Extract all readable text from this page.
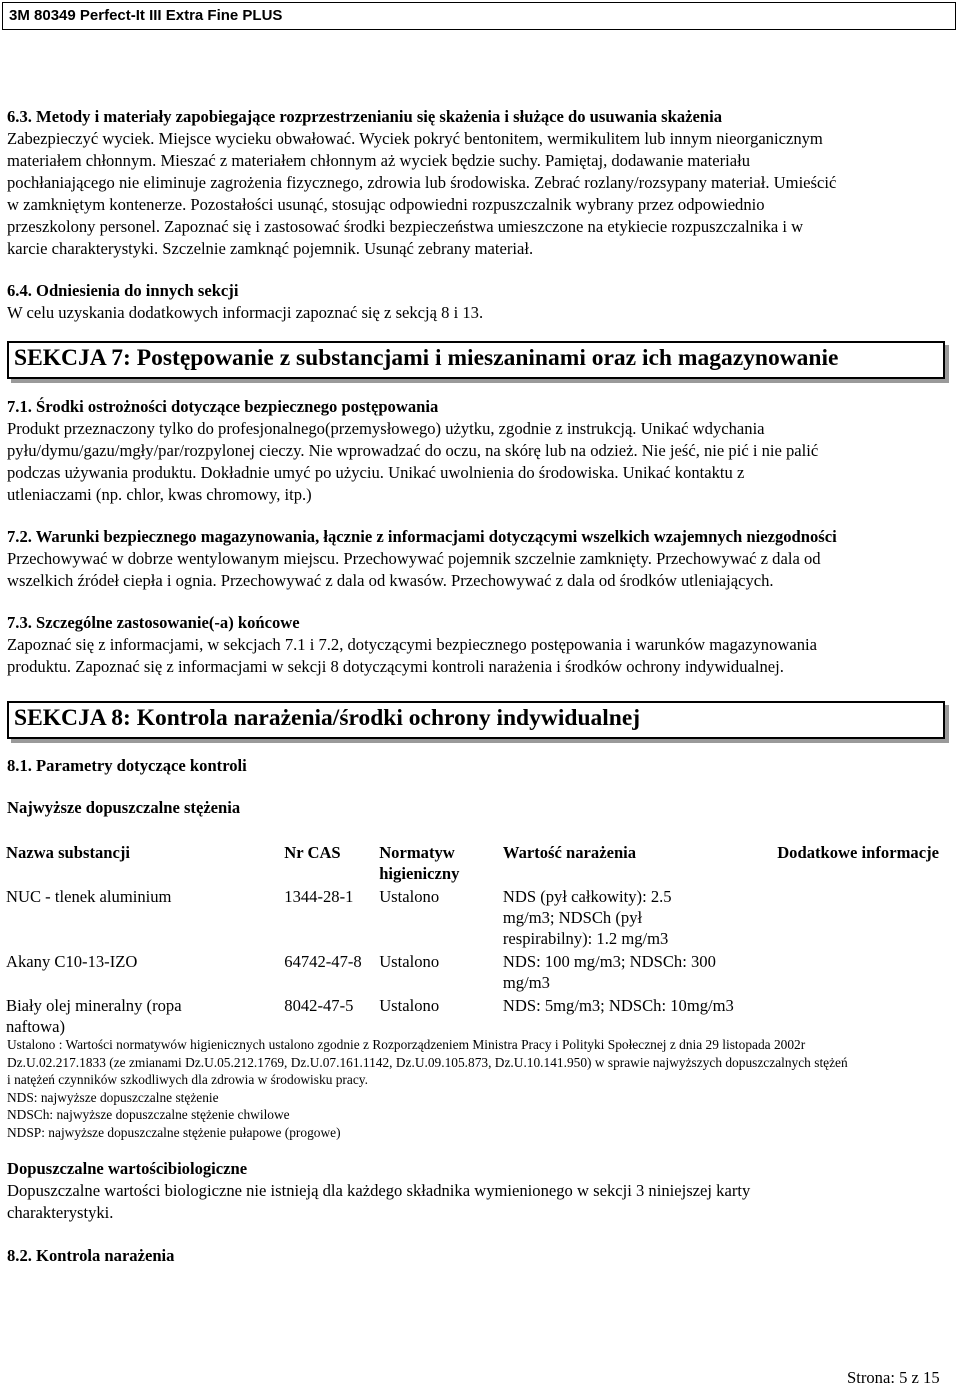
3M 80349 Perfect-It III Extra Fine PLUS
6.3. Metody i materiały zapobiegające rozprzestrzenianiu się skażenia i służące do usuwania skażenia
Zabezpieczyć wyciek. Miejsce wycieku obwałować. Wyciek pokryć bentonitem, wermikulitem lub innym nieorganicznym
materiałem chłonnym. Mieszać z materiałem chłonnym aż wyciek będzie suchy. Pamiętaj, dodawanie materiału
pochłaniającego nie eliminuje zagrożenia fizycznego, zdrowia lub środowiska. Zebrać rozlany/rozsypany materiał. Umieścić
w zamkniętym kontenerze. Pozostałości usunąć, stosując odpowiedni rozpuszczalnik wybrany przez odpowiednio
przeszkolony personel. Zapoznać się i zastosować środki bezpieczeństwa umieszczone na etykiecie rozpuszczalnika i w
karcie charakterystyki. Szczelnie zamknąć pojemnik. Usunąć zebrany materiał.
6.4. Odniesienia do innych sekcji
W celu uzyskania dodatkowych informacji zapoznać się z sekcją 8 i 13.
SEKCJA 7: Postępowanie z substancjami i mieszaninami oraz ich magazynowanie
7.1. Środki ostrożności dotyczące bezpiecznego postępowania
Produkt przeznaczony tylko do profesjonalnego(przemysłowego) użytku, zgodnie z instrukcją. Unikać wdychania
pyłu/dymu/gazu/mgły/par/rozpylonej cieczy. Nie wprowadzać do oczu, na skórę lub na odzież. Nie jeść, nie pić i nie palić
podczas używania produktu. Dokładnie umyć po użyciu. Unikać uwolnienia do środowiska. Unikać kontaktu z
utleniaczami (np. chlor, kwas chromowy, itp.)
7.2. Warunki bezpiecznego magazynowania, łącznie z informacjami dotyczącymi wszelkich wzajemnych niezgodności
Przechowywać w dobrze wentylowanym miejscu. Przechowywać pojemnik szczelnie zamknięty. Przechowywać z dala od
wszelkich źródeł ciepła i ognia. Przechowywać z dala od kwasów. Przechowywać z dala od środków utleniających.
7.3. Szczególne zastosowanie(-a) końcowe
Zapoznać się z informacjami, w sekcjach 7.1 i 7.2, dotyczącymi bezpiecznego postępowania i warunków magazynowania
produktu. Zapoznać się z informacjami w sekcji 8 dotyczącymi kontroli narażenia i środków ochrony indywidualnej.
SEKCJA 8: Kontrola narażenia/środki ochrony indywidualnej
8.1. Parametry dotyczące kontroli
Najwyższe dopuszczalne stężenia
Nazwa substancji	Nr CAS	Normatyw higieniczny	Wartość narażenia	Dodatkowe informacje
NUC - tlenek aluminium	1344-28-1	Ustalono	NDS (pył całkowity): 2.5 mg/m3; NDSCh (pył respirabilny): 1.2 mg/m3	
Akany C10-13-IZO	64742-47-8	Ustalono	NDS: 100 mg/m3; NDSCh: 300 mg/m3	
Biały olej mineralny (ropa naftowa)	8042-47-5	Ustalono	NDS: 5mg/m3; NDSCh: 10mg/m3	
Ustalono : Wartości normatywów higienicznych ustalono zgodnie z Rozporządzeniem Ministra Pracy i Polityki Społecznej z dnia 29 listopada 2002r
Dz.U.02.217.1833 (ze zmianami Dz.U.05.212.1769, Dz.U.07.161.1142, Dz.U.09.105.873, Dz.U.10.141.950) w sprawie najwyższych dopuszczalnych stężeń
i natężeń czynników szkodliwych dla zdrowia w środowisku pracy.
NDS: najwyższe dopuszczalne stężenie
NDSCh: najwyższe dopuszczalne stężenie chwilowe
NDSP: najwyższe dopuszczalne stężenie pułapowe (progowe)
Dopuszczalne wartościbiologiczne
Dopuszczalne wartości biologiczne nie istnieją dla każdego składnika wymienionego w sekcji 3 niniejszej karty
charakterystyki.
8.2. Kontrola narażenia
Strona: 5 z 15
